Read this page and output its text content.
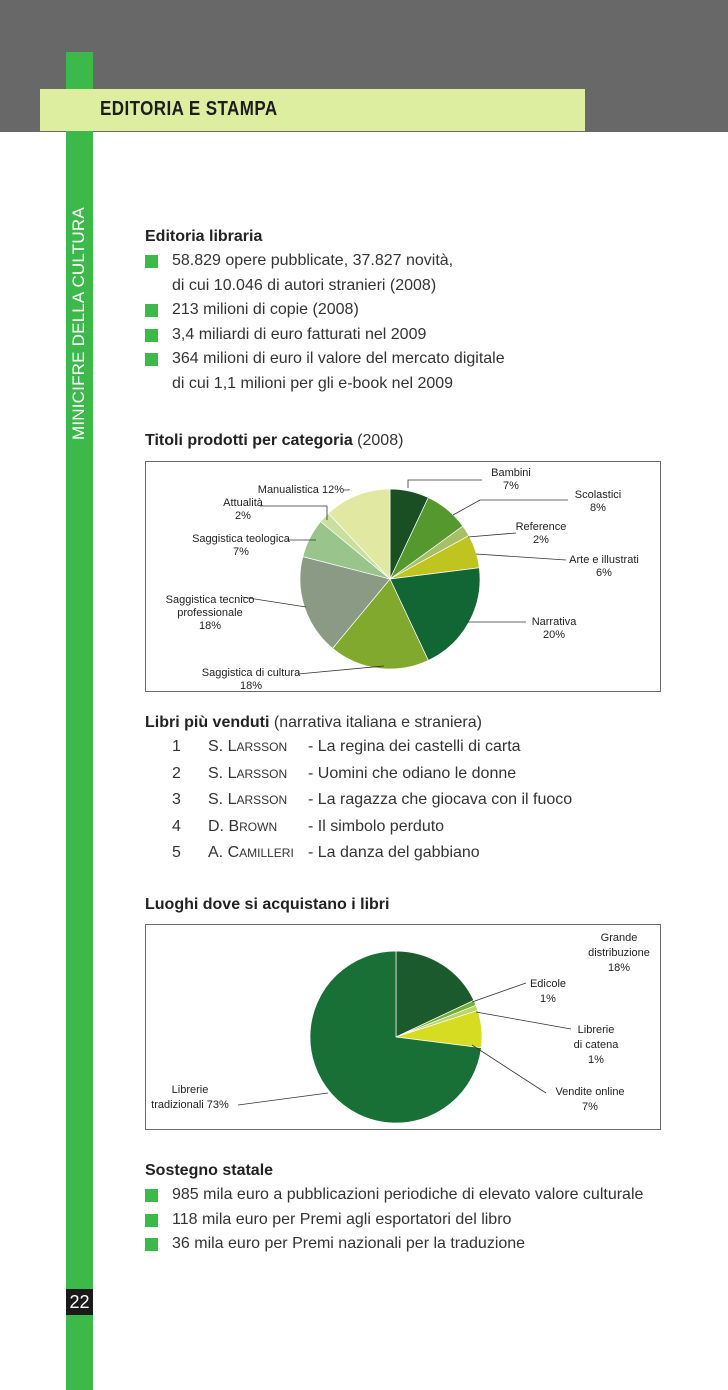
EDITORIA E STAMPA
MINICIFRE DELLA CULTURA
22
Editoria libraria
58.829 opere pubblicate, 37.827 novità,
di cui 10.046 di autori stranieri (2008)
213 milioni di copie (2008)
3,4 miliardi di euro fatturati nel 2009
364 milioni di euro il valore del mercato digitale
di cui 1,1 milioni per gli e-book nel 2009
Titoli prodotti per categoria (2008)
Bambini 7%
Scolastici 8%
Reference 2%
Arte e illustrati 6%
Narrativa 20%
Saggistica di cultura 18%
Saggistica tecnico professionale 18%
Saggistica teologica 7%
Attualità 2%
Manualistica 12%
Libri più venduti (narrativa italiana e straniera)
1	S. LARSSON	- La regina dei castelli di carta
2	S. LARSSON	- Uomini che odiano le donne
3	S. LARSSON	- La ragazza che giocava con il fuoco
4	D. BROWN	- Il simbolo perduto
5	A. CAMILLERI - La danza del gabbiano
Luoghi dove si acquistano i libri
Grande distribuzione 18%
Edicole 1%
Librerie di catena 1%
Vendite online 7%
Librerie tradizionali 73%
Sostegno statale
985 mila euro a pubblicazioni periodiche di elevato valore culturale
118 mila euro per Premi agli esportatori del libro
36 mila euro per Premi nazionali per la traduzione
